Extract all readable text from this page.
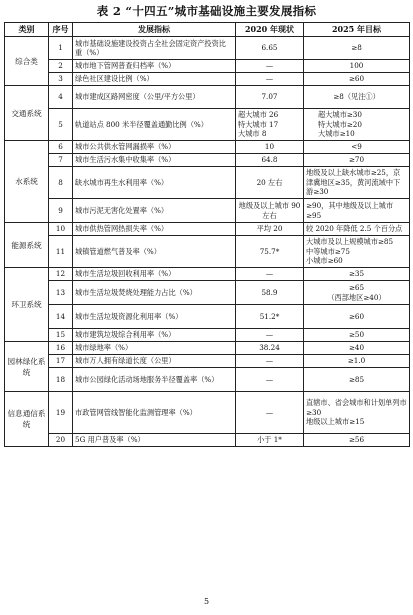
表 2 “十四五”城市基础设施主要发展指标
类别	序号	发展指标	2020 年现状	2025 年目标
综合类	1	城市基础设施建设投资占全社会固定资产投资比重（%）	6.65	≥8
	2	城市地下管网普查归档率（%）	—	100
	3	绿色社区建设比例（%）	—	≥60
交通系统	4	城市建成区路网密度（公里/平方公里）	7.07	≥8（见注①）
	5	轨道站点 800 米半径覆盖通勤比例（%）	超大城市 26
特大城市 17
大城市 8	超大城市≥30
特大城市≥20
大城市≥10
水系统	6	城市公共供水管网漏损率（%）	10	<9
	7	城市生活污水集中收集率（%）	64.8	≥70
	8	缺水城市再生水利用率（%）	20 左右	地级及以上缺水城市≥25，京津冀地区≥35，黄河流域中下游≥30
	9	城市污泥无害化处置率（%）	地级及以上城市 90 左右	≥90，其中地级及以上城市≥95
能源系统	10	城市供热管网热损失率（%）	平均 20	较 2020 年降低 2.5 个百分点
	11	城镇管道燃气普及率（%）	75.7*	大城市及以上规模城市≥85
中等城市≥75
小城市≥60
环卫系统	12	城市生活垃圾回收利用率（%）	—	≥35
	13	城市生活垃圾焚烧处理能力占比（%）	58.9	≥65
（西部地区≥40）
	14	城市生活垃圾资源化利用率（%）	51.2*	≥60
	15	城市建筑垃圾综合利用率（%）	—	≥50
园林绿化系统	16	城市绿地率（%）	38.24	≥40
	17	城市万人拥有绿道长度（公里）	—	≥1.0
	18	城市公园绿化活动场地服务半径覆盖率（%）	—	≥85
信息通信系统	19	市政管网管线智能化监测管理率（%）	—	直辖市、省会城市和计划单列市≥30
地级以上城市≥15
	20	5G 用户普及率（%）	小于 1*	≥56
5
